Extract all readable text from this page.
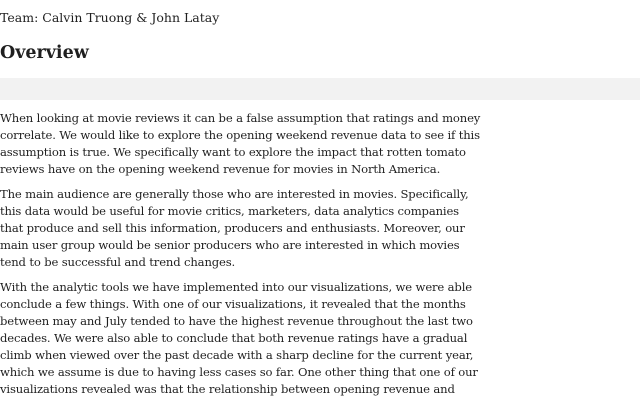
Team: Calvin Truong & John Latay
Overview

When looking at movie reviews it can be a false assumption that ratings and money
correlate. We would like to explore the opening weekend revenue data to see if this
assumption is true. We specifically want to explore the impact that rotten tomato
reviews have on the opening weekend revenue for movies in North America.

The main audience are generally those who are interested in movies. Specifically,
this data would be useful for movie critics, marketers, data analytics companies
that produce and sell this information, producers and enthusiasts. Moreover, our
main user group would be senior producers who are interested in which movies
tend to be successful and trend changes.

With the analytic tools we have implemented into our visualizations, we were able
conclude a few things. With one of our visualizations, it revealed that the months
between may and July tended to have the highest revenue throughout the last two
decades. We were also able to conclude that both revenue ratings have a gradual
climb when viewed over the past decade with a sharp decline for the current year,
which we assume is due to having less cases so far. One other thing that one of our
visualizations revealed was that the relationship between opening revenue and
